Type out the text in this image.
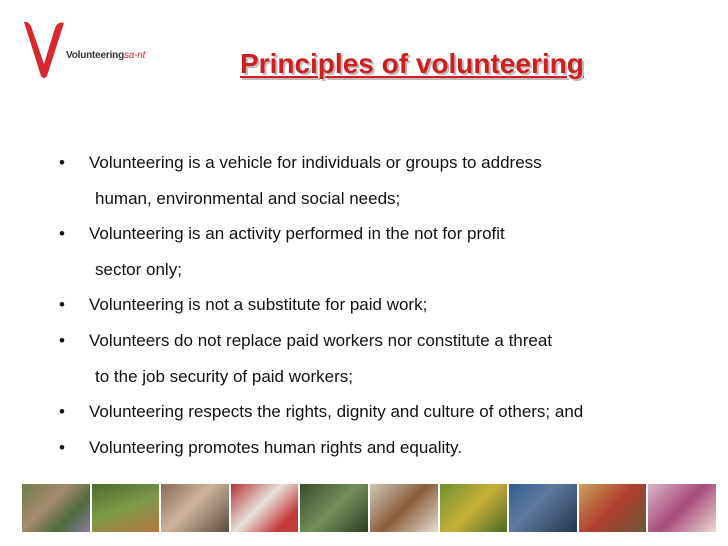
Volunteeringsa-nt	Principles of volunteering
• Volunteering is a vehicle for individuals or groups to address
human, environmental and social needs;
• Volunteering is an activity performed in the not for profit
sector only;
• Volunteering is not a substitute for paid work;
• Volunteers do not replace paid workers nor constitute a threat
to the job security of paid workers;
• Volunteering respects the rights, dignity and culture of others; and
• Volunteering promotes human rights and equality.
